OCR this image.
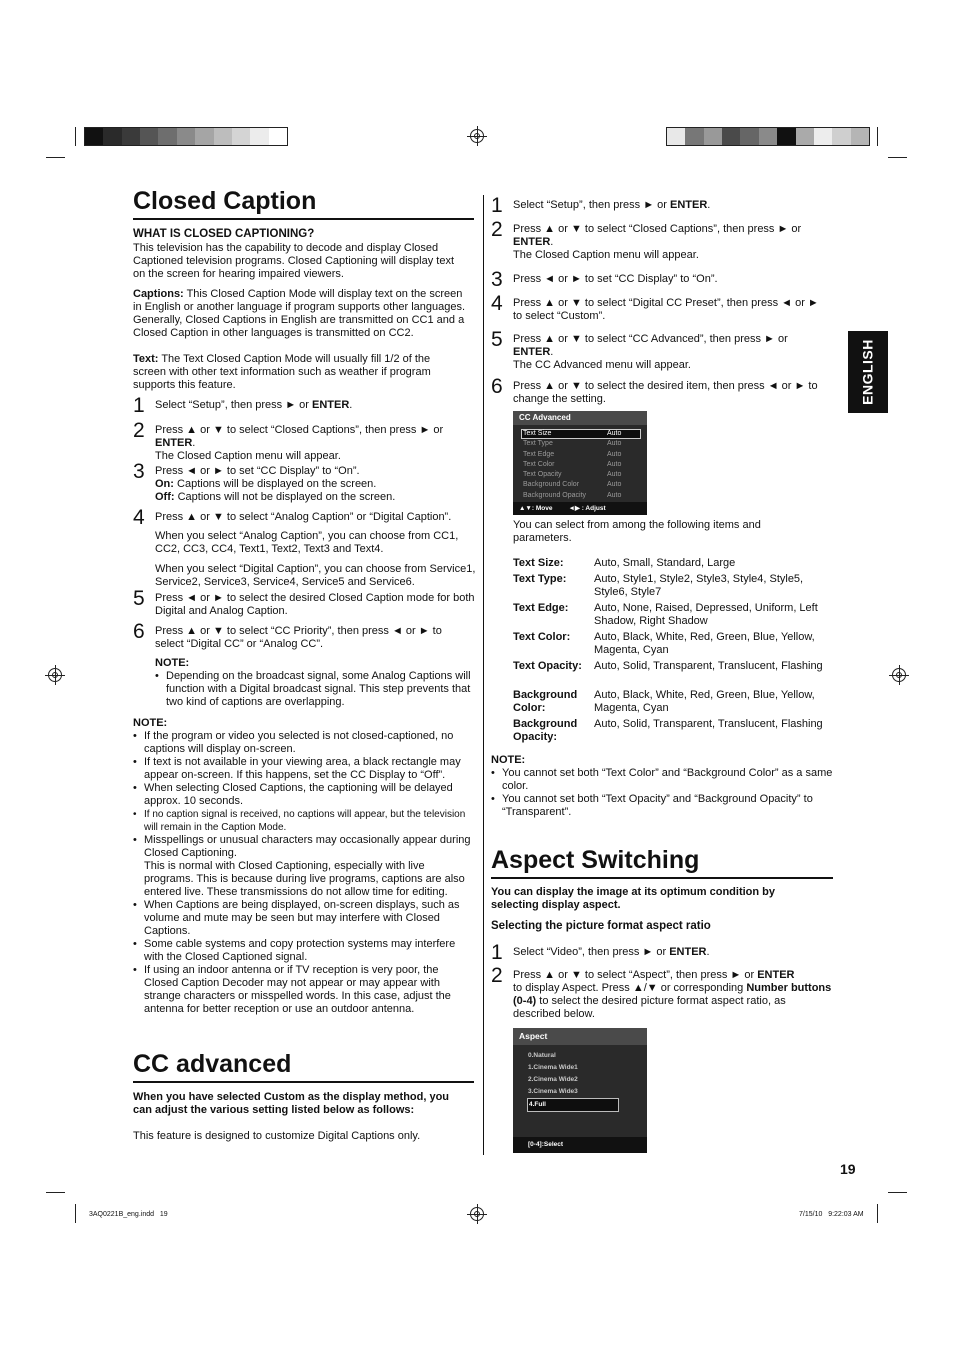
ENGLISH
Closed Caption
WHAT IS CLOSED CAPTIONING?
This television has the capability to decode and display Closed Captioned television programs. Closed Captioning will display text on the screen for hearing impaired viewers.
Captions: This Closed Caption Mode will display text on the screen in English or another language if program supports other languages. Generally, Closed Captions in English are transmitted on CC1 and a Closed Caption in other languages is transmitted on CC2.
Text: The Text Closed Caption Mode will usually fill 1/2 of the screen with other text information such as weather if program supports this feature.
1 Select “Setup”, then press ► or ENTER.
2 Press ▲ or ▼ to select “Closed Captions”, then press ► or
ENTER.
The Closed Caption menu will appear.
3 Press ◄ or ► to set “CC Display” to “On”.
On: Captions will be displayed on the screen.
Off: Captions will not be displayed on the screen.
4 Press ▲ or ▼ to select “Analog Caption” or “Digital Caption”.
When you select “Analog Caption”, you can choose from CC1, CC2, CC3, CC4, Text1, Text2, Text3 and Text4.
When you select “Digital Caption”, you can choose from Service1, Service2, Service3, Service4, Service5 and Service6.
5 Press ◄ or ► to select the desired Closed Caption mode for both Digital and Analog Caption.
6 Press ▲ or ▼ to select “CC Priority”, then press ◄ or ► to select “Digital CC” or “Analog CC”.
NOTE:
• Depending on the broadcast signal, some Analog Captions will function with a Digital broadcast signal. This step prevents that two kind of captions are overlapping.
NOTE:
• If the program or video you selected is not closed-captioned, no captions will display on-screen.
• If text is not available in your viewing area, a black rectangle may appear on-screen. If this happens, set the CC Display to “Off”.
• When selecting Closed Captions, the captioning will be delayed approx. 10 seconds.
• If no caption signal is received, no captions will appear, but the television will remain in the Caption Mode.
• Misspellings or unusual characters may occasionally appear during Closed Captioning.
This is normal with Closed Captioning, especially with live programs. This is because during live programs, captions are also entered live. These transmissions do not allow time for editing.
• When Captions are being displayed, on-screen displays, such as volume and mute may be seen but may interfere with Closed Captions.
• Some cable systems and copy protection systems may interfere with the Closed Captioned signal.
• If using an indoor antenna or if TV reception is very poor, the Closed Caption Decoder may not appear or may appear with strange characters or misspelled words. In this case, adjust the antenna for better reception or use an outdoor antenna.
CC advanced
When you have selected Custom as the display method, you can adjust the various setting listed below as follows:
This feature is designed to customize Digital Captions only.
1 Select “Setup”, then press ► or ENTER.
2 Press ▲ or ▼ to select “Closed Captions”, then press ► or
ENTER.
The Closed Caption menu will appear.
3 Press ◄ or ► to set “CC Display” to “On”.
4 Press ▲ or ▼ to select “Digital CC Preset”, then press ◄ or ► to select “Custom”.
5 Press ▲ or ▼ to select “CC Advanced”, then press ► or
ENTER.
The CC Advanced menu will appear.
6 Press ▲ or ▼ to select the desired item, then press ◄ or ► to change the setting.
CC Advanced
Text Size	Auto
Text Type	Auto
Text Edge	Auto
Text Color	Auto
Text Opacity	Auto
Background Color	Auto
Background Opacity	Auto
▲▼: Move ◄▶ : Adjust
You can select from among the following items and parameters.
Text Size:	Auto, Small, Standard, Large
Text Type:	Auto, Style1, Style2, Style3, Style4, Style5, Style6, Style7
Text Edge:	Auto, None, Raised, Depressed, Uniform, Left Shadow, Right Shadow
Text Color:	Auto, Black, White, Red, Green, Blue, Yellow, Magenta, Cyan
Text Opacity:	Auto, Solid, Transparent, Translucent, Flashing
Background Color:
Auto, Black, White, Red, Green, Blue, Yellow, Magenta, Cyan
Background Opacity:
Auto, Solid, Transparent, Translucent, Flashing
NOTE:
• You cannot set both “Text Color” and “Background Color” as a same color.
• You cannot set both “Text Opacity” and “Background Opacity” to “Transparent”.
Aspect Switching
You can display the image at its optimum condition by selecting display aspect.
Selecting the picture format aspect ratio
1 Select “Video”, then press ► or ENTER.
2 Press ▲ or ▼ to select “Aspect”, then press ► or ENTER
to display Aspect. Press ▲/▼ or corresponding Number buttons (0-4) to select the desired picture format aspect ratio, as described below.
Aspect
0.Natural
1.Cinema Wide1
2.Cinema Wide2
3.Cinema Wide3
4.Full
[0-4]:Select
19
3AQ0221B_eng.indd   19	7/15/10   9:22:03 AM
